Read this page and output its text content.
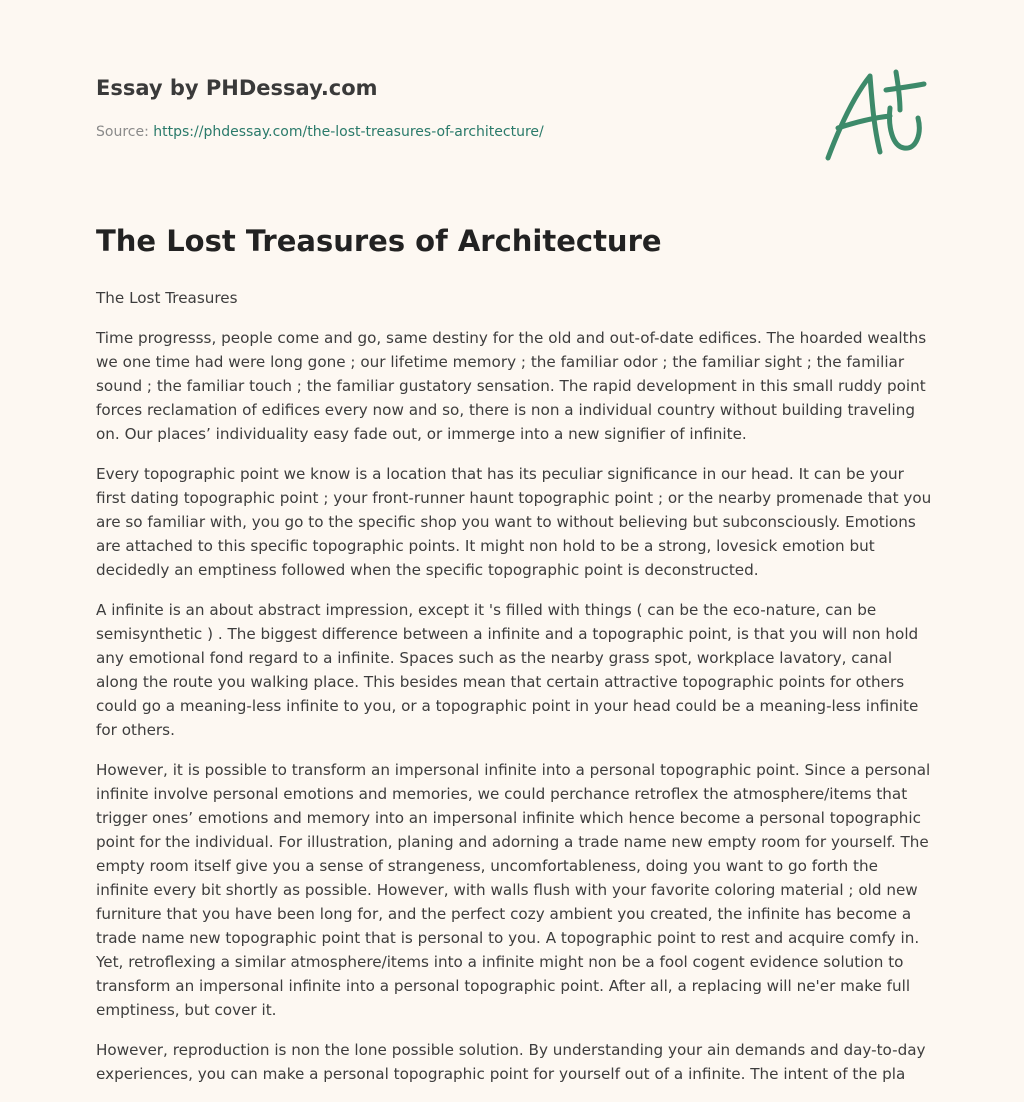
Essay by PHDessay.com
Source: https://phdessay.com/the-lost-treasures-of-architecture/
The Lost Treasures of Architecture

The Lost Treasures

Time progresss, people come and go, same destiny for the old and out-of-date edifices. The hoarded wealths we one time had were long gone ; our lifetime memory ; the familiar odor ; the familiar sight ; the familiar sound ; the familiar touch ; the familiar gustatory sensation. The rapid development in this small ruddy point forces reclamation of edifices every now and so, there is non a individual country without building traveling on. Our places’ individuality easy fade out, or immerge into a new signifier of infinite.

Every topographic point we know is a location that has its peculiar significance in our head. It can be your first dating topographic point ; your front-runner haunt topographic point ; or the nearby promenade that you are so familiar with, you go to the specific shop you want to without believing but subconsciously. Emotions are attached to this specific topographic points. It might non hold to be a strong, lovesick emotion but decidedly an emptiness followed when the specific topographic point is deconstructed.

A infinite is an about abstract impression, except it 's filled with things ( can be the eco-nature, can be semisynthetic ) . The biggest difference between a infinite and a topographic point, is that you will non hold any emotional fond regard to a infinite. Spaces such as the nearby grass spot, workplace lavatory, canal along the route you walking place. This besides mean that certain attractive topographic points for others could go a meaning-less infinite to you, or a topographic point in your head could be a meaning-less infinite for others.

However, it is possible to transform an impersonal infinite into a personal topographic point. Since a personal infinite involve personal emotions and memories, we could perchance retroflex the atmosphere/items that trigger ones’ emotions and memory into an impersonal infinite which hence become a personal topographic point for the individual. For illustration, planing and adorning a trade name new empty room for yourself. The empty room itself give you a sense of strangeness, uncomfortableness, doing you want to go forth the infinite every bit shortly as possible. However, with walls flush with your favorite coloring material ; old new furniture that you have been long for, and the perfect cozy ambient you created, the infinite has become a trade name new topographic point that is personal to you. A topographic point to rest and acquire comfy in. Yet, retroflexing a similar atmosphere/items into a infinite might non be a fool cogent evidence solution to transform an impersonal infinite into a personal topographic point. After all, a replacing will ne'er make full emptiness, but cover it.

However, reproduction is non the lone possible solution. By understanding your ain demands and day-to-day experiences, you can make a personal topographic point for yourself out of a infinite. The intent of the pla
